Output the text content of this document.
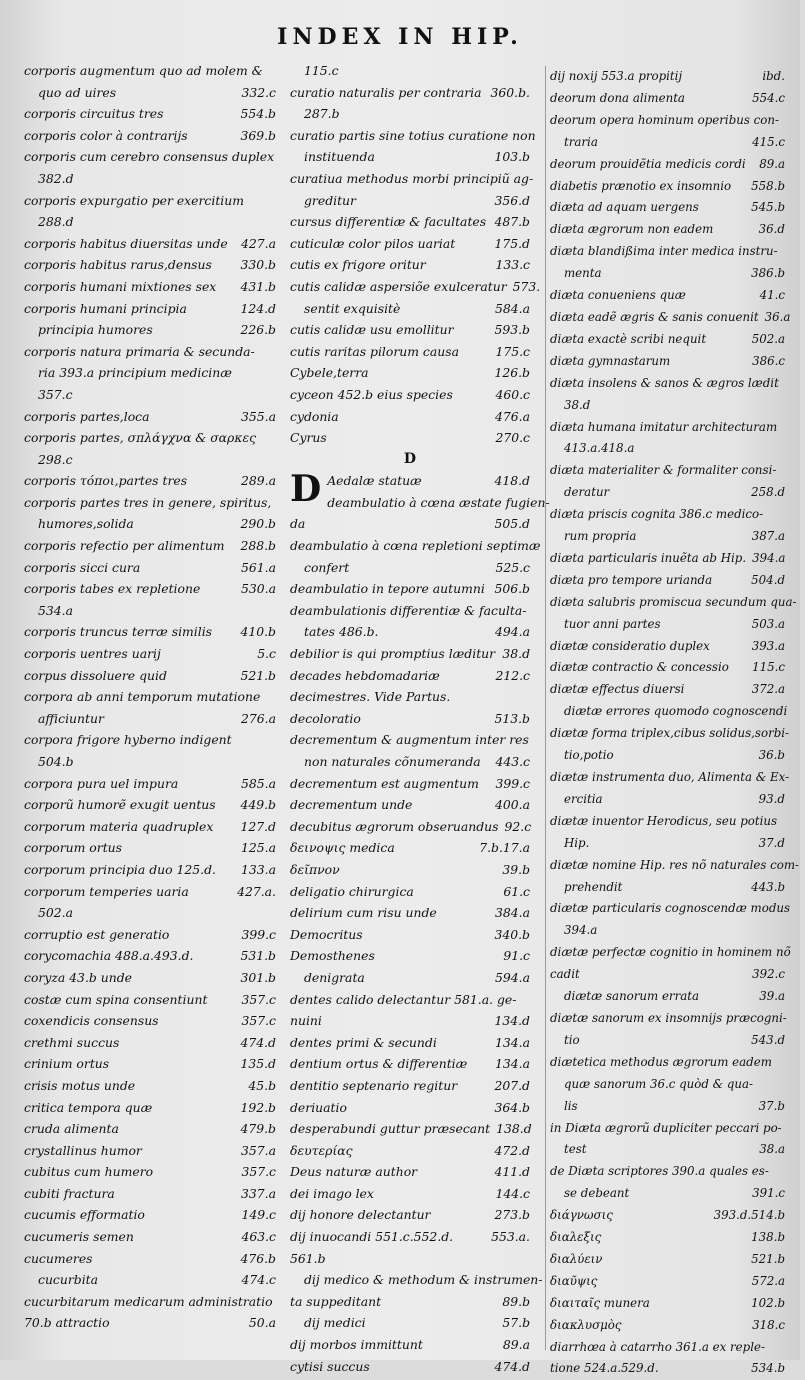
INDEX IN HIP.
corporis augmentum quo ad molem &
quo ad uires	332.c
corporis circuitus tres	554.b
corporis color à contrarijs	369.b
corporis cum cerebro consensus duplex
382.d
corporis expurgatio per exercitium
288.d
corporis habitus diuersitas unde	427.a
corporis habitus rarus,densus	330.b
corporis humani mixtiones sex	431.b
corporis humani principia	124.d
principia humores	226.b
corporis natura primaria & secunda-
ria 393.a principium medicinæ
357.c
corporis partes,loca	355.a
corporis partes, σπλάγχνα & σαρκες
298.c
corporis τόποι,partes tres	289.a
corporis partes tres in genere, spiritus,
humores,solida	290.b
corporis refectio per alimentum	288.b
corporis sicci cura	561.a
corporis tabes ex repletione	530.a
534.a
corporis truncus terræ similis	410.b
corporis uentres uarij	5.c
corpus dissoluere quid	521.b
corpora ab anni temporum mutatione
afficiuntur	276.a
corpora frigore hyberno indigent
504.b
corpora pura uel impura	585.a
corporũ humorẽ exugit uentus	449.b
corporum materia quadruplex	127.d
corporum ortus	125.a
corporum principia duo 125.d.	133.a
corporum temperies uaria	427.a.
502.a
corruptio est generatio	399.c
corycomachia 488.a.493.d.	531.b
coryza 43.b unde	301.b
costæ cum spina consentiunt	357.c
coxendicis consensus	357.c
crethmi succus	474.d
crinium ortus	135.d
crisis motus unde	45.b
critica tempora quæ	192.b
cruda alimenta	479.b
crystallinus humor	357.a
cubitus cum humero	357.c
cubiti fractura	337.a
cucumis efformatio	149.c
cucumeris semen	463.c
cucumeres	476.b
cucurbita	474.c
cucurbitarum medicarum administratio
70.b attractio	50.a
115.c
curatio naturalis per contraria 360.b.
287.b
curatio partis sine totius curatione non
instituenda	103.b
curatiua methodus morbi principiũ ag-
greditur	356.d
cursus differentiæ & facultates 487.b
cuticulæ color pilos uariat	175.d
cutis ex frigore oritur	133.c
cutis calidæ aspersiõe exulceratur 573.
sentit exquisitè	584.a
cutis calidæ usu emollitur	593.b
cutis raritas pilorum causa	175.c
Cybele,terra	126.b
cyceon 452.b eius species	460.c
cydonia	476.a
Cyrus	270.c
D
D Aedalæ statuæ	418.d
deambulatio à cœna æstate fugien-
da	505.d
deambulatio à cœna repletioni septimæ
confert	525.c
deambulatio in tepore autumni 506.b
deambulationis differentiæ & faculta-
tates 486.b.	494.a
debilior is qui promptius læditur 38.d
decades hebdomadariæ	212.c
decimestres. Vide Partus.
decoloratio	513.b
decrementum & augmentum inter res
non naturales cõnumeranda	443.c
decrementum est augmentum	399.c
decrementum unde	400.a
decubitus ægrorum obseruandus 92.c
δεινοψις medica	7.b.17.a
δεῖπνον	39.b
deligatio chirurgica	61.c
delirium cum risu unde	384.a
Democritus	340.b
Demosthenes	91.c
denigrata	594.a
dentes calido delectantur 581.a. ge-
nuini	134.d
dentes primi & secundi	134.a
dentium ortus & differentiæ	134.a
dentitio septenario regitur	207.d
deriuatio	364.b
desperabundi guttur præsecant 138.d
δευτερίας	472.d
Deus naturæ author	411.d
dei imago lex	144.c
dij honore delectantur	273.b
dij inuocandi 551.c.552.d.	553.a.
561.b
dij medico & methodum & instrumen-
ta suppeditant	89.b
dij medici	57.b
dij morbos immittunt	89.a
cytisi succus	474.d
dij noxij 553.a propitij	ibd.
deorum dona alimenta	554.c
deorum opera hominum operibus con-
traria	415.c
deorum prouidẽtia medicis cordi	89.a
diabetis prænotio ex insomnio	558.b
diæta ad aquam uergens	545.b
diæta ægrorum non eadem	36.d
diæta blandißima inter medica instru-
menta	386.b
diæta conueniens quæ	41.c
diæta eadẽ ægris & sanis conuenit 36.a
diæta exactè scribi nequit	502.a
diæta gymnastarum	386.c
diæta insolens & sanos & ægros lædit
38.d
diæta humana imitatur architecturam
413.a.418.a
diæta materialiter & formaliter consi-
deratur	258.d
diæta priscis cognita 386.c medico-
rum propria	387.a
diæta particularis inuẽta ab Hip. 394.a
diæta pro tempore urianda	504.d
diæta salubris promiscua secundum qua-
tuor anni partes	503.a
diætæ consideratio duplex	393.a
diætæ contractio & concessio	115.c
diætæ effectus diuersi	372.a
diætæ errores quomodo cognoscendi
diætæ forma triplex,cibus solidus,sorbi-
tio,potio	36.b
diætæ instrumenta duo, Alimenta & Ex-
ercitia	93.d
diætæ inuentor Herodicus, seu potius
Hip.	37.d
diætæ nomine Hip. res nõ naturales com-
prehendit	443.b
diætæ particularis cognoscendæ modus
394.a
diætæ perfectæ cognitio in hominem nõ
cadit	392.c
diætæ sanorum errata	39.a
diætæ sanorum ex insomnijs præcogni-
tio	543.d
diætetica methodus ægrorum eadem
quæ sanorum 36.c quòd & qua-
lis	37.b
in Diæta ægrorũ dupliciter peccari po-
test	38.a
de Diæta scriptores 390.a quales es-
se debeant	391.c
διάγνωσις	393.d.514.b
διαλεξις	138.b
διαλύειν	521.b
διαῦψις	572.a
διαιταῖς munera	102.b
διακλυσμὸς	318.c
diarrhœa à catarrho 361.a ex reple-
tione 524.a.529.d.	534.b
